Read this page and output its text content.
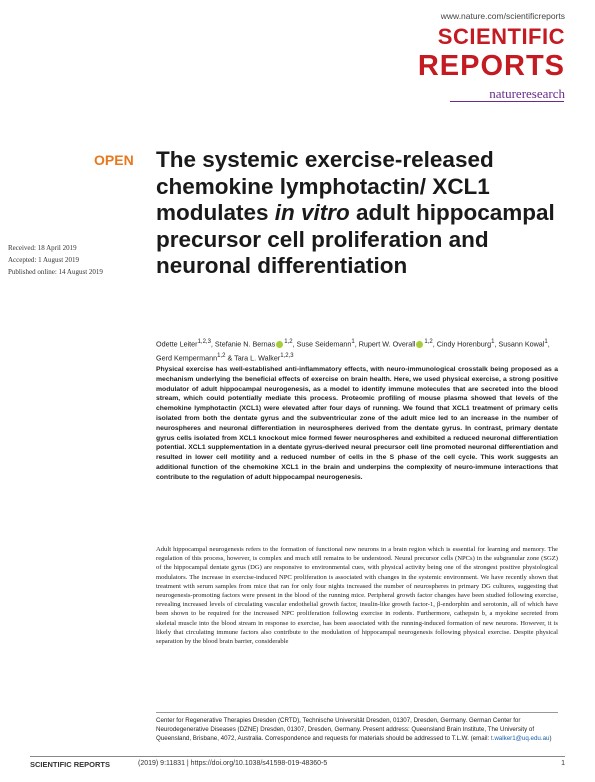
www.nature.com/scientificreports
SCIENTIFIC
REPORTS
natureresearch
OPEN The systemic exercise-released chemokine lymphotactin/ XCL1 modulates in vitro adult hippocampal precursor cell proliferation and neuronal differentiation
Received: 18 April 2019
Accepted: 1 August 2019
Published online: 14 August 2019
Odette Leiter$^{1,2,3}$, Stefanie N. Bernas $^{1,2}$, Suse Seidemann$^1$, Rupert W. Overall $^{1,2}$, Cindy Horenburg$^1$, Susann Kowal$^1$, Gerd Kempermann$^{1,2}$ & Tara L. Walker$^{1,2,3}$
Physical exercise has well-established anti-inflammatory effects, with neuro-immunological crosstalk being proposed as a mechanism underlying the beneficial effects of exercise on brain health. Here, we used physical exercise, a strong positive modulator of adult hippocampal neurogenesis, as a model to identify immune molecules that are secreted into the blood stream, which could potentially mediate this process. Proteomic profiling of mouse plasma showed that levels of the chemokine lymphotactin (XCL1) were elevated after four days of running. We found that XCL1 treatment of primary cells isolated from both the dentate gyrus and the subventricular zone of the adult mice led to an increase in the number of neurospheres and neuronal differentiation in neurospheres derived from the dentate gyrus. In contrast, primary dentate gyrus cells isolated from XCL1 knockout mice formed fewer neurospheres and exhibited a reduced neuronal differentiation potential. XCL1 supplementation in a dentate gyrus-derived neural precursor cell line promoted neuronal differentiation and resulted in lower cell motility and a reduced number of cells in the S phase of the cell cycle. This work suggests an additional function of the chemokine XCL1 in the brain and underpins the complexity of neuro-immune interactions that contribute to the regulation of adult hippocampal neurogenesis.
Adult hippocampal neurogenesis refers to the formation of functional new neurons in a brain region which is essential for learning and memory. The regulation of this process, however, is complex and much still remains to be understood. Neural precursor cells (NPCs) in the subgranular zone (SGZ) of the hippocampal dentate gyrus (DG) are responsive to environmental cues, with physical activity being one of the strongest positive physiological modulators. The increase in exercise-induced NPC proliferation is associated with changes in the systemic environment. We have recently shown that treatment with serum samples from mice that ran for only four nights increased the number of neurospheres in primary DG cultures, suggesting that neurogenesis-promoting factors were present in the blood of the running mice. Peripheral growth factor changes have been studied following exercise, revealing increased levels of circulating vascular endothelial growth factor, insulin-like growth factor-1, β-endorphin and serotonin, all of which have been shown to be required for the increased NPC proliferation following exercise in rodents. Furthermore, cathepsin b, a myokine secreted from skeletal muscle into the blood stream in response to exercise, has been associated with the running-induced formation of new neurons. However, it is likely that circulating immune factors also contribute to the modulation of hippocampal neurogenesis following physical exercise. Despite physical separation by the blood brain barrier, considerable
Center for Regenerative Therapies Dresden (CRTD), Technische Universität Dresden, 01307, Dresden, Germany. German Center for Neurodegenerative Diseases (DZNE) Dresden, 01307, Dresden, Germany. Present address: Queensland Brain Institute, The University of Queensland, Brisbane, 4072, Australia. Correspondence and requests for materials should be addressed to T.L.W. (email: t.walker1@uq.edu.au)
SCIENTIFIC REPORTS	(2019) 9:11831 | https://doi.org/10.1038/s41598-019-48360-5	1
